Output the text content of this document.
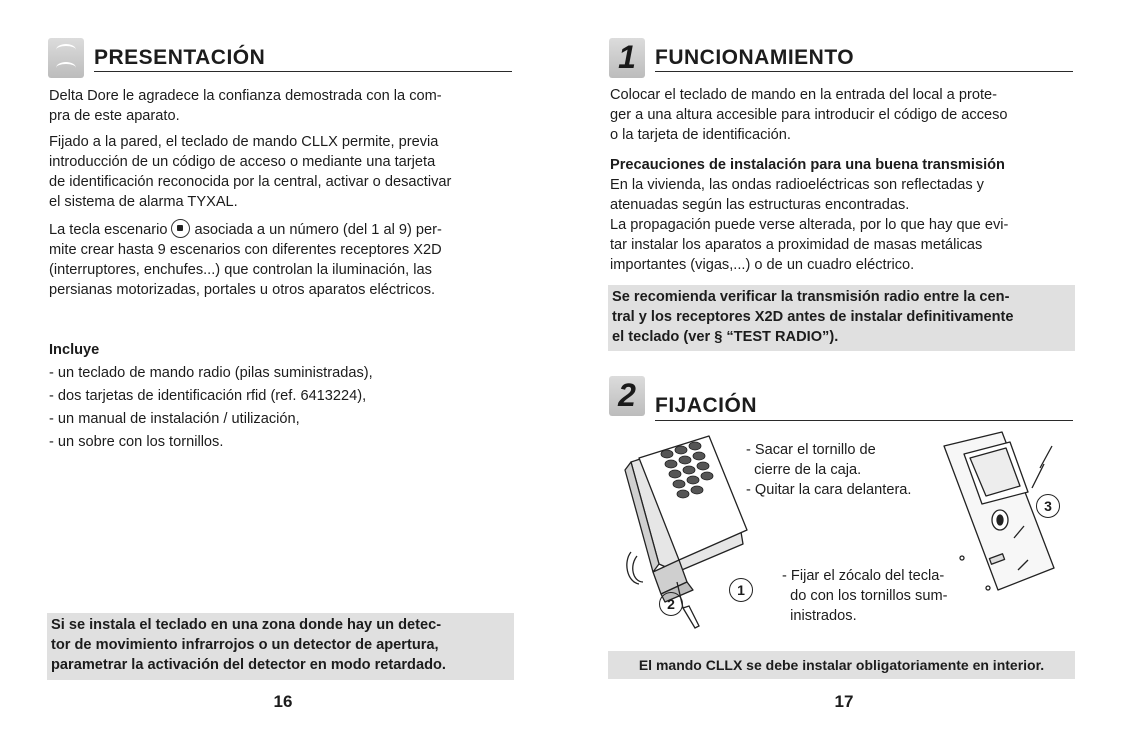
PRESENTACIÓN

Delta Dore le agradece la confianza demostrada con la com-
pra de este aparato.

Fijado a la pared, el teclado de mando CLLX permite, previa
introducción de un código de acceso o mediante una tarjeta
de identificación reconocida por la central, activar o desactivar
el sistema de alarma TYXAL.

La tecla escenario asociada a un número (del 1 al 9) per-
mite crear hasta 9 escenarios con diferentes receptores X2D
(interruptores, enchufes...) que controlan la iluminación, las
persianas motorizadas, portales u otros aparatos eléctricos.

Incluye
- un teclado de mando radio (pilas suministradas),
- dos tarjetas de identificación rfid (ref. 6413224),
- un manual de instalación / utilización,
- un sobre con los tornillos.

Si se instala el teclado en una zona donde hay un detec-
tor de movimiento infrarrojos o un detector de apertura,
parametrar la activación del detector en modo retardado.
16
1 FUNCIONAMIENTO

Colocar el teclado de mando en la entrada del local a prote-
ger a una altura accesible para introducir el código de acceso
o la tarjeta de identificación.

Precauciones de instalación para una buena transmisión
En la vivienda, las ondas radioeléctricas son reflectadas y
atenuadas según las estructuras encontradas.
La propagación puede verse alterada, por lo que hay que evi-
tar instalar los aparatos a proximidad de masas metálicas
importantes (vigas,...) o de un cuadro eléctrico.

Se recomienda verificar la transmisión radio entre la cen-
tral y los receptores X2D antes de instalar definitivamente
el teclado (ver § “TEST RADIO”).
2 FIJACIÓN
2
1
- Sacar el tornillo de
cierre de la caja.
- Quitar la cara delantera.
3
- Fijar el zócalo del tecla-
do con los tornillos sum-
inistrados.
El mando CLLX se debe instalar obligatoriamente en interior.
17
